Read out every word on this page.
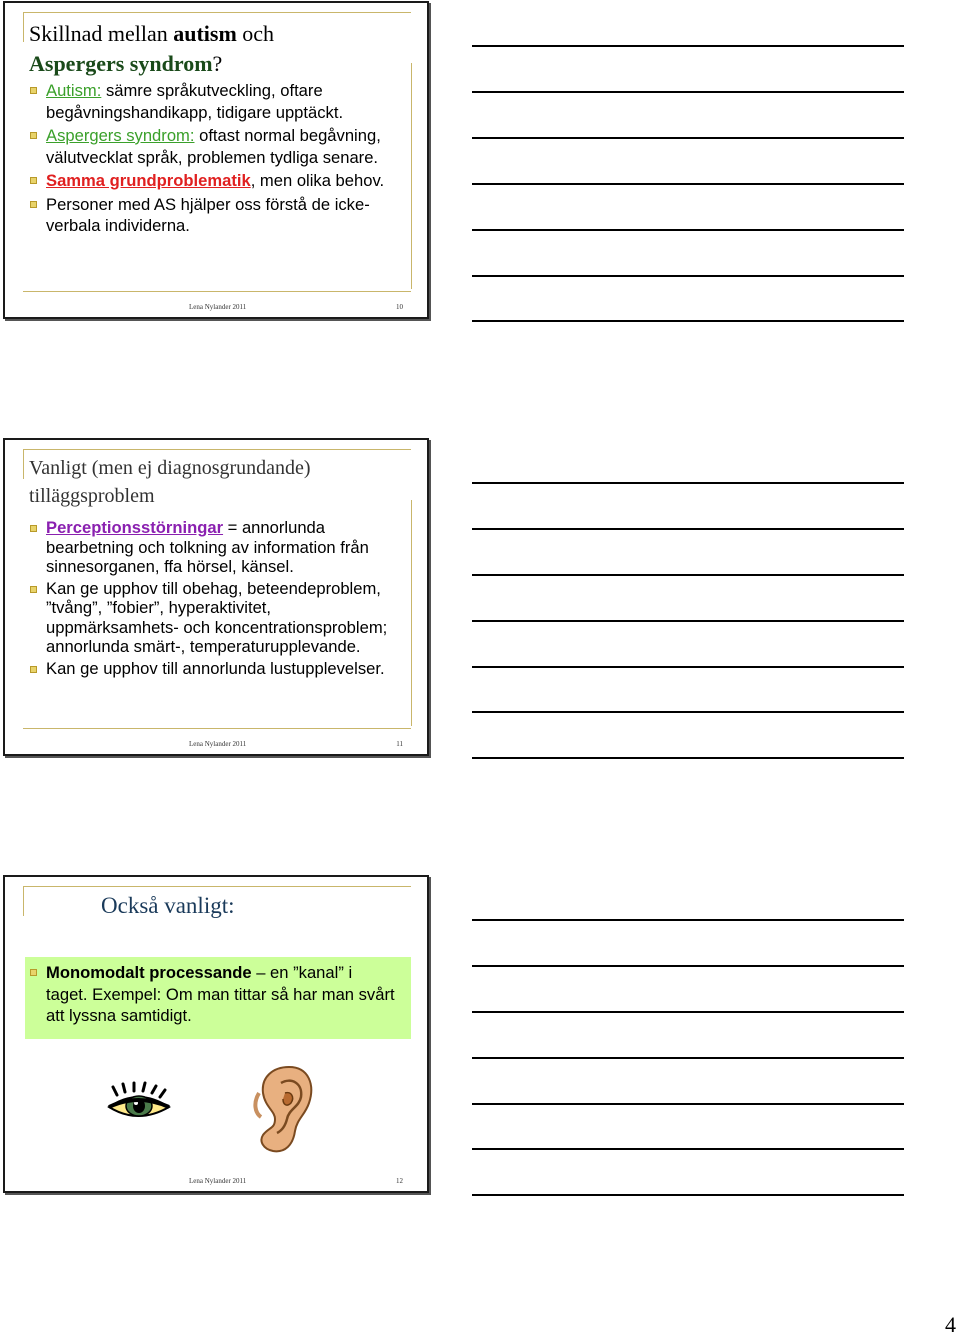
Skillnad mellan autism och
Aspergers syndrom?
Autism: sämre språkutveckling, oftare begåvningshandikapp, tidigare upptäckt.
Aspergers syndrom: oftast normal begåvning, välutvecklat språk, problemen tydliga senare.
Samma grundproblematik, men olika behov.
Personer med AS hjälper oss förstå de icke-verbala individerna.
Lena Nylander 2011	10
Vanligt (men ej diagnosgrundande) tilläggsproblem
Perceptionsstörningar = annorlunda bearbetning och tolkning av information från sinnesorganen, ffa hörsel, känsel.
Kan ge upphov till obehag, beteendeproblem, ”tvång”, ”fobier”, hyperaktivitet, uppmärksamhets- och koncentrationsproblem; annorlunda smärt-, temperaturupplevande.
Kan ge upphov till annorlunda lustupplevelser.
Lena Nylander 2011	11
Också vanligt:
Monomodalt processande – en ”kanal” i taget. Exempel: Om man tittar så har man svårt att lyssna samtidigt.
Lena Nylander 2011	12
4
